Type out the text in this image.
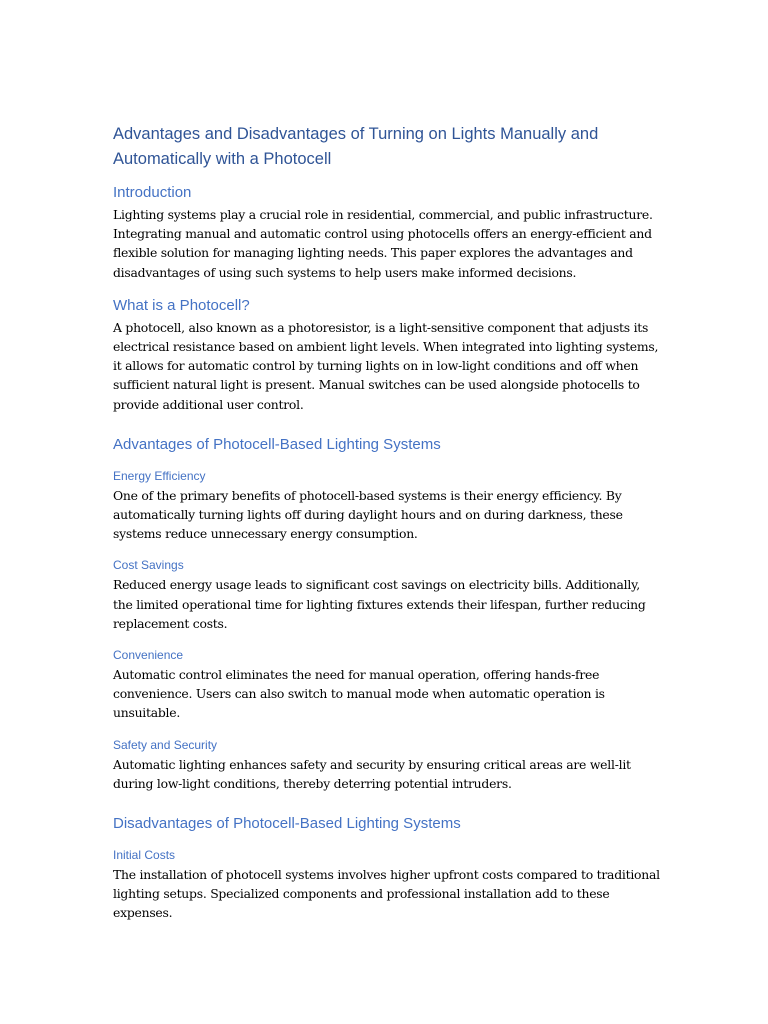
Advantages and Disadvantages of Turning on Lights Manually and Automatically with a Photocell
Introduction

Lighting systems play a crucial role in residential, commercial, and public infrastructure. Integrating manual and automatic control using photocells offers an energy-efficient and flexible solution for managing lighting needs. This paper explores the advantages and disadvantages of using such systems to help users make informed decisions.

What is a Photocell?

A photocell, also known as a photoresistor, is a light-sensitive component that adjusts its electrical resistance based on ambient light levels. When integrated into lighting systems, it allows for automatic control by turning lights on in low-light conditions and off when sufficient natural light is present. Manual switches can be used alongside photocells to provide additional user control.

Advantages of Photocell-Based Lighting Systems
Energy Efficiency

One of the primary benefits of photocell-based systems is their energy efficiency. By automatically turning lights off during daylight hours and on during darkness, these systems reduce unnecessary energy consumption.

Cost Savings

Reduced energy usage leads to significant cost savings on electricity bills. Additionally, the limited operational time for lighting fixtures extends their lifespan, further reducing replacement costs.

Convenience

Automatic control eliminates the need for manual operation, offering hands-free convenience. Users can also switch to manual mode when automatic operation is unsuitable.

Safety and Security

Automatic lighting enhances safety and security by ensuring critical areas are well-lit during low-light conditions, thereby deterring potential intruders.

Disadvantages of Photocell-Based Lighting Systems
Initial Costs

The installation of photocell systems involves higher upfront costs compared to traditional lighting setups. Specialized components and professional installation add to these expenses.
